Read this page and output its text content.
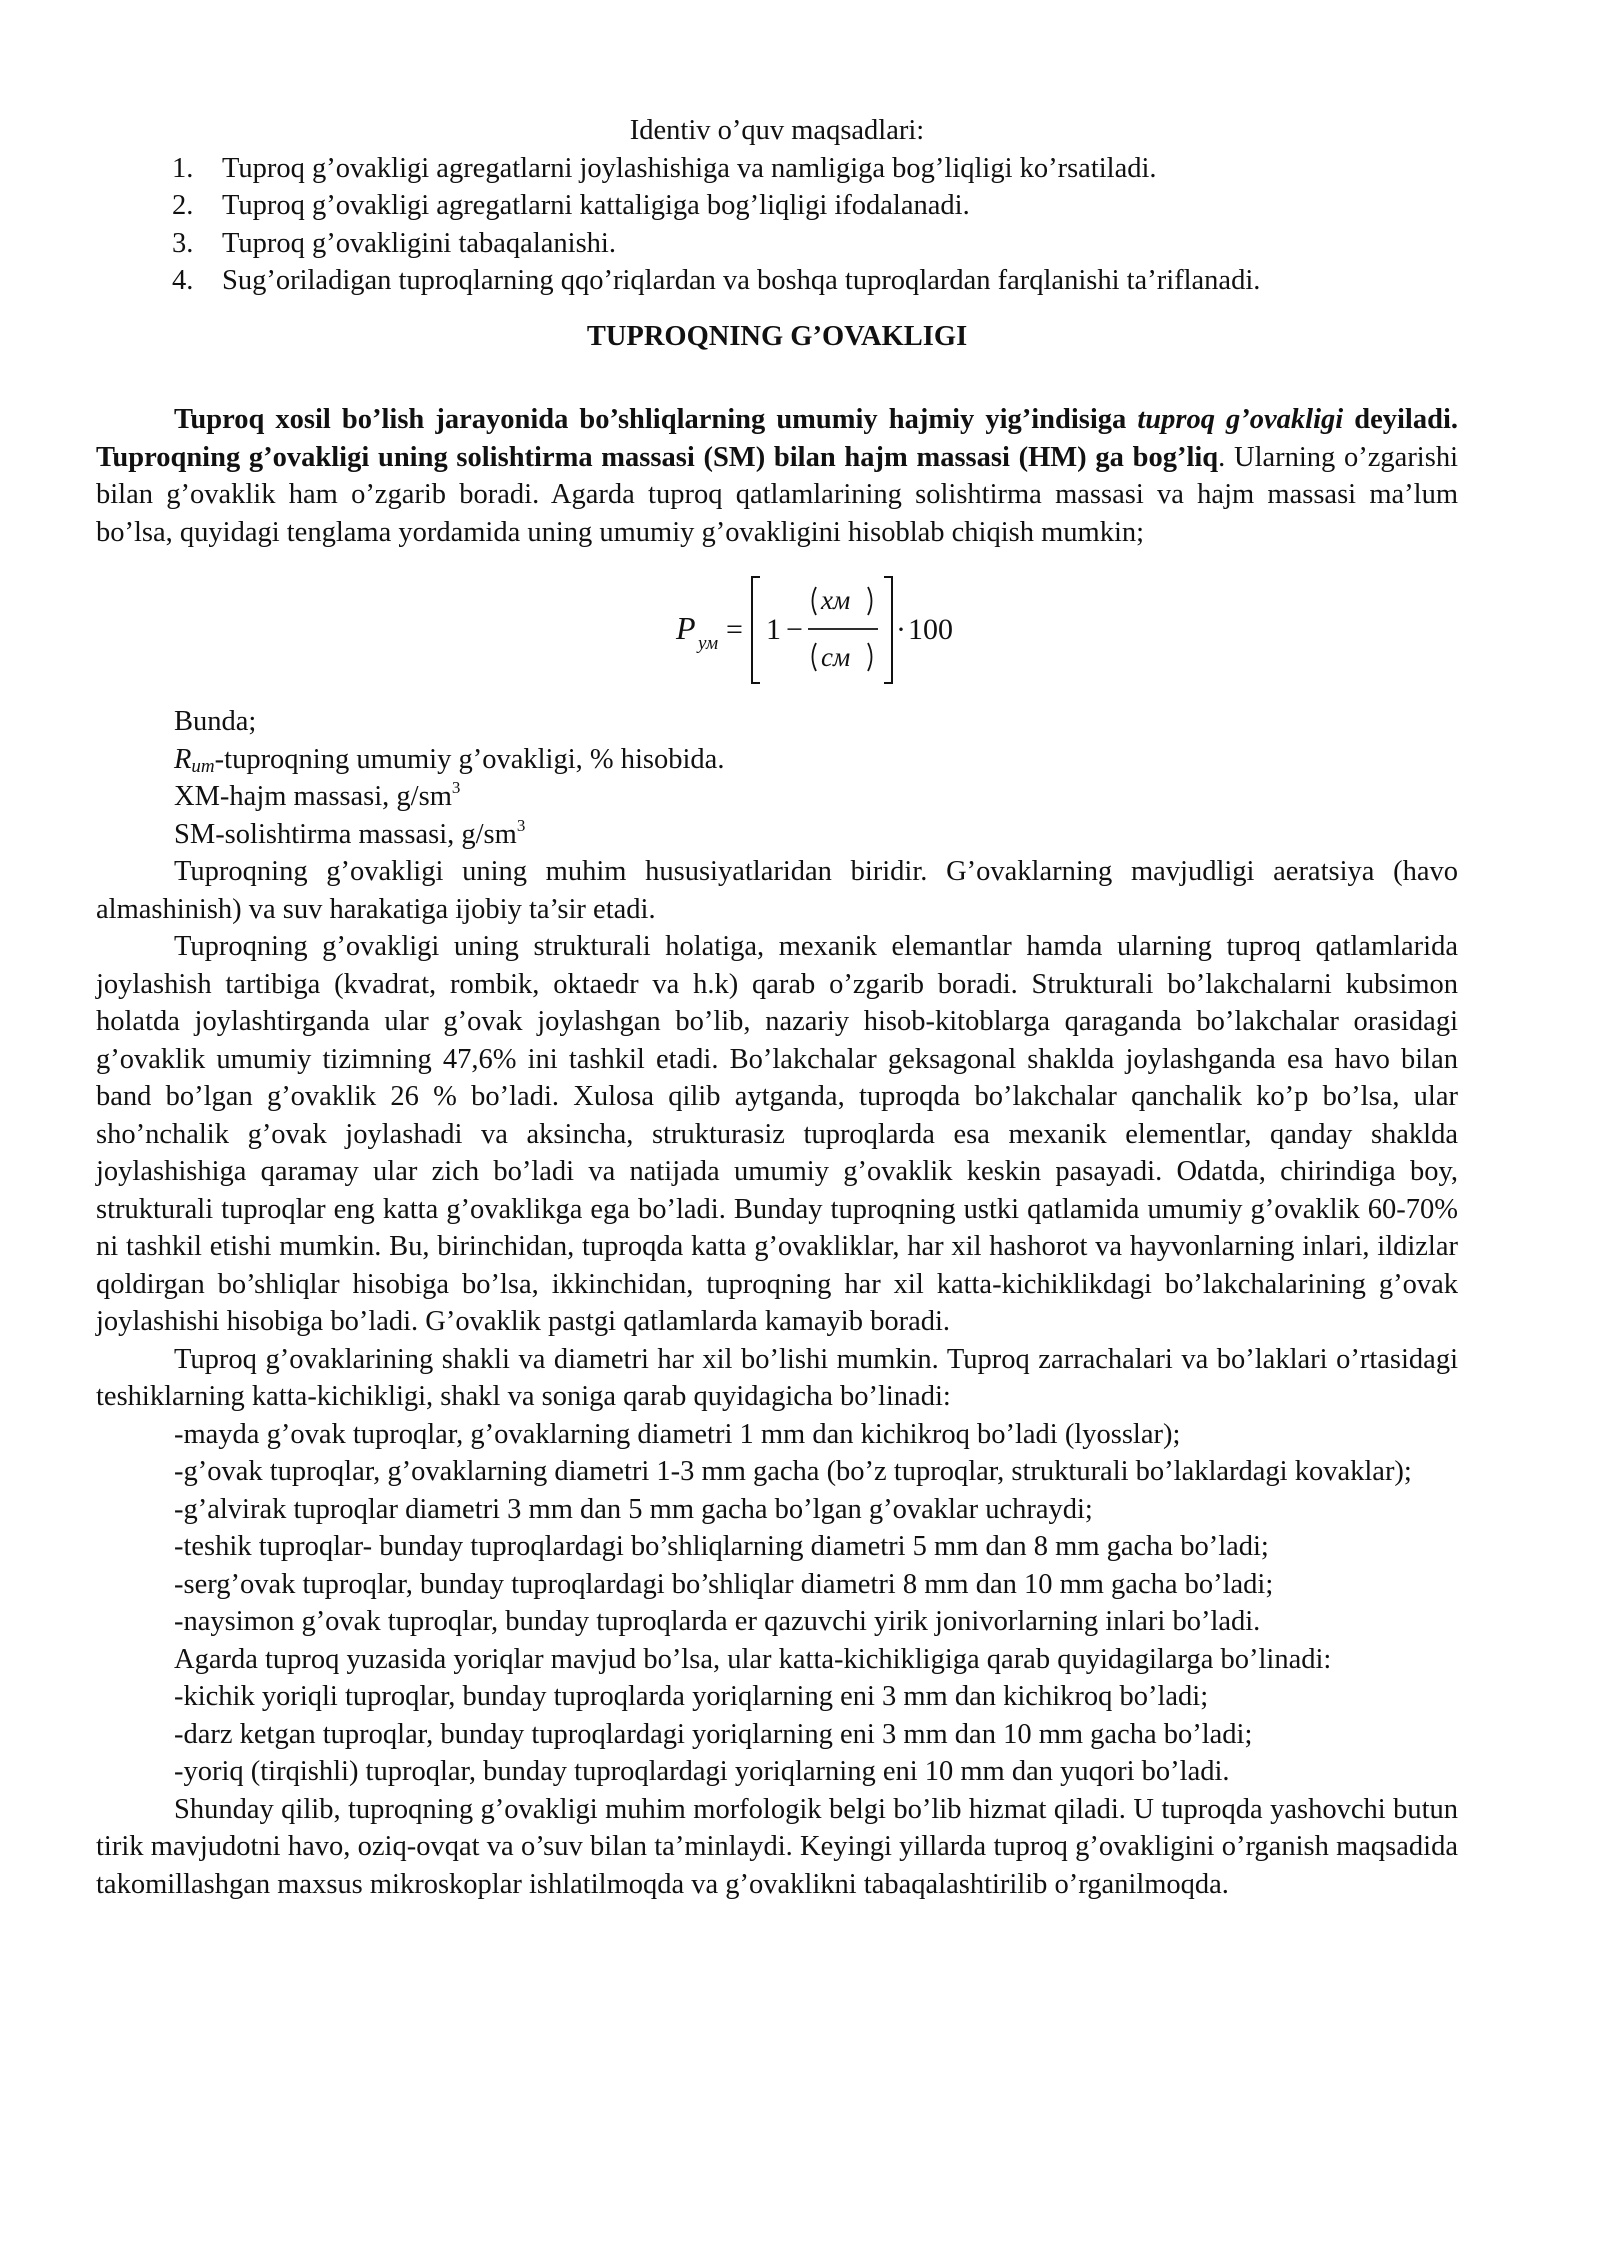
Identiv o’quv maqsadlari:
1. Tuproq g’ovakligi agregatlarni joylashishiga va namligiga bog’liqligi ko’rsatiladi.
2. Tuproq g’ovakligi agregatlarni kattaligiga bog’liqligi ifodalanadi.
3. Tuproq g’ovakligini tabaqalanishi.
4. Sug’oriladigan tuproqlarning qqo’riqlardan va boshqa tuproqlardan farqlanishi ta’riflanadi.
TUPROQNING G’OVAKLIGI

Tuproq xosil bo’lish jarayonida bo’shliqlarning umumiy hajmiy yig’indisiga tuproq g’ovakligi deyiladi. Tuproqning g’ovakligi uning solishtirma massasi (SM) bilan hajm massasi (HM) ga bog’liq. Ularning o’zgarishi bilan g’ovaklik ham o’zgarib boradi. Agarda tuproq qatlamlarining solishtirma massasi va hajm massasi ma’lum bo’lsa, quyidagi tenglama yordamida uning umumiy g’ovakligini hisoblab chiqish mumkin;

P ум = 1 −
хм
см
· 100

Bunda;

$R_{um}$-tuproqning umumiy g’ovakligi, % hisobida.

XM-hajm massasi, $g/sm^3$

SM-solishtirma massasi, $g/sm^3$

Tuproqning g’ovakligi uning muhim hususiyatlaridan biridir. G’ovaklarning mavjudligi aeratsiya (havo almashinish) va suv harakatiga ijobiy ta’sir etadi.

Tuproqning g’ovakligi uning strukturali holatiga, mexanik elemantlar hamda ularning tuproq qatlamlarida joylashish tartibiga (kvadrat, rombik, oktaedr va h.k) qarab o’zgarib boradi. Strukturali bo’lakchalarni kubsimon holatda joylashtirganda ular g’ovak joylashgan bo’lib, nazariy hisob-kitoblarga qaraganda bo’lakchalar orasidagi g’ovaklik umumiy tizimning 47,6% ini tashkil etadi. Bo’lakchalar geksagonal shaklda joylashganda esa havo bilan band bo’lgan g’ovaklik 26 % bo’ladi. Xulosa qilib aytganda, tuproqda bo’lakchalar qanchalik ko’p bo’lsa, ular sho’nchalik g’ovak joylashadi va aksincha, strukturasiz tuproqlarda esa mexanik elementlar, qanday shaklda joylashishiga qaramay ular zich bo’ladi va natijada umumiy g’ovaklik keskin pasayadi. Odatda, chirindiga boy, strukturali tuproqlar eng katta g’ovaklikga ega bo’ladi. Bunday tuproqning ustki qatlamida umumiy g’ovaklik 60-70% ni tashkil etishi mumkin. Bu, birinchidan, tuproqda katta g’ovakliklar, har xil hashorot va hayvonlarning inlari, ildizlar qoldirgan bo’shliqlar hisobiga bo’lsa, ikkinchidan, tuproqning har xil katta-kichiklikdagi bo’lakchalarining g’ovak joylashishi hisobiga bo’ladi. G’ovaklik pastgi qatlamlarda kamayib boradi.

Tuproq g’ovaklarining shakli va diametri har xil bo’lishi mumkin. Tuproq zarrachalari va bo’laklari o’rtasidagi teshiklarning katta-kichikligi, shakl va soniga qarab quyidagicha bo’linadi:

-mayda g’ovak tuproqlar, g’ovaklarning diametri 1 mm dan kichikroq bo’ladi (lyosslar);

-g’ovak tuproqlar, g’ovaklarning diametri 1-3 mm gacha (bo’z tuproqlar, strukturali bo’laklardagi kovaklar);

-g’alvirak tuproqlar diametri 3 mm dan 5 mm gacha bo’lgan g’ovaklar uchraydi;

-teshik tuproqlar- bunday tuproqlardagi bo’shliqlarning diametri 5 mm dan 8 mm gacha bo’ladi;

-serg’ovak tuproqlar, bunday tuproqlardagi bo’shliqlar diametri 8 mm dan 10 mm gacha bo’ladi;

-naysimon g’ovak tuproqlar, bunday tuproqlarda er qazuvchi yirik jonivorlarning inlari bo’ladi.

Agarda tuproq yuzasida yoriqlar mavjud bo’lsa, ular katta-kichikligiga qarab quyidagilarga bo’linadi:

-kichik yoriqli tuproqlar, bunday tuproqlarda yoriqlarning eni 3 mm dan kichikroq bo’ladi;

-darz ketgan tuproqlar, bunday tuproqlardagi yoriqlarning eni 3 mm dan 10 mm gacha bo’ladi;

-yoriq (tirqishli) tuproqlar, bunday tuproqlardagi yoriqlarning eni 10 mm dan yuqori bo’ladi.

Shunday qilib, tuproqning g’ovakligi muhim morfologik belgi bo’lib hizmat qiladi. U tuproqda yashovchi butun tirik mavjudotni havo, oziq-ovqat va o’suv bilan ta’minlaydi. Keyingi yillarda tuproq g’ovakligini o’rganish maqsadida takomillashgan maxsus mikroskoplar ishlatilmoqda va g’ovaklikni tabaqalashtirilib o’rganilmoqda.
